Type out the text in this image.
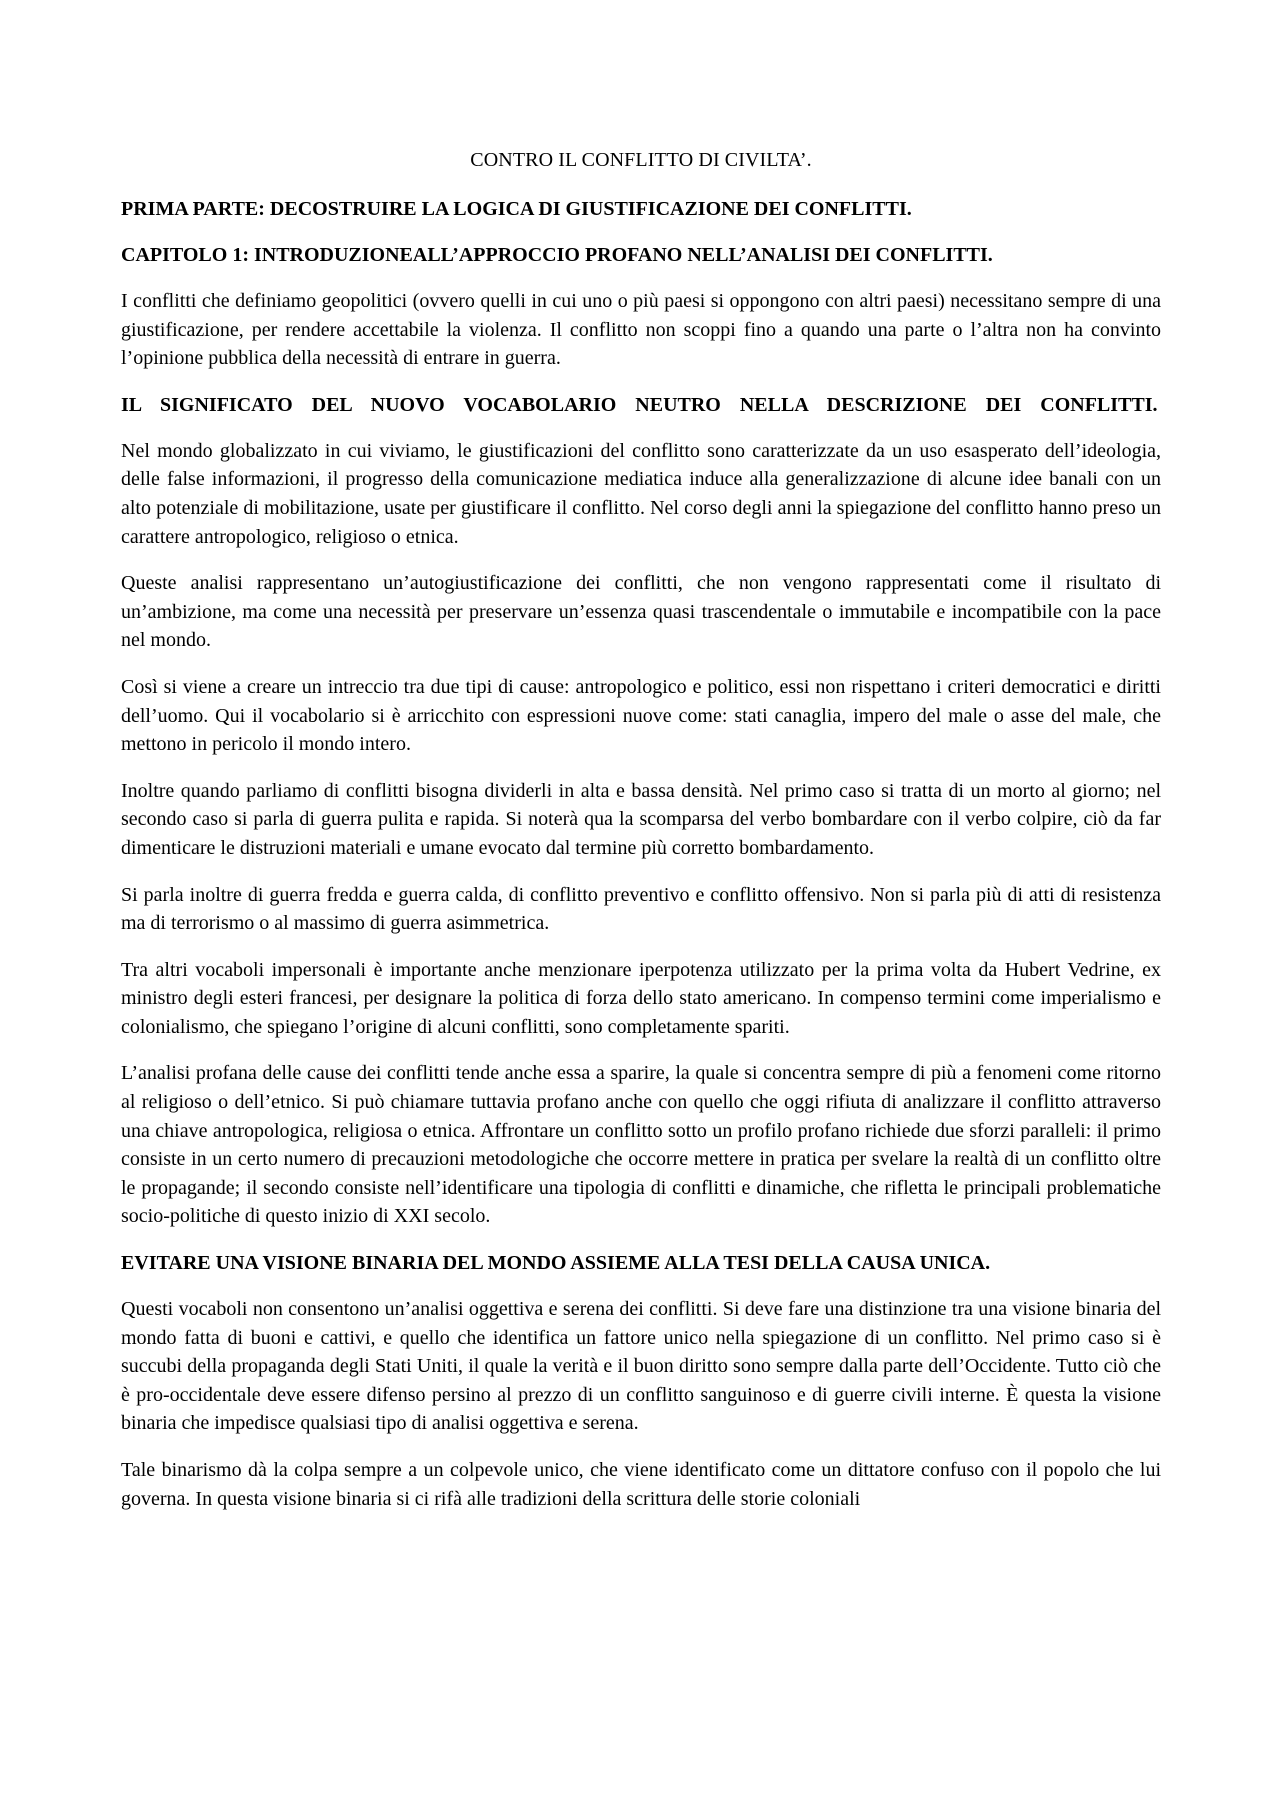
CONTRO IL CONFLITTO DI CIVILTA’.
PRIMA PARTE: DECOSTRUIRE LA LOGICA DI GIUSTIFICAZIONE DEI CONFLITTI.
CAPITOLO 1: INTRODUZIONEALL’APPROCCIO PROFANO NELL’ANALISI DEI CONFLITTI.

I conflitti che definiamo geopolitici (ovvero quelli in cui uno o più paesi si oppongono con altri paesi) necessitano sempre di una giustificazione, per rendere accettabile la violenza. Il conflitto non scoppi fino a quando una parte o l’altra non ha convinto l’opinione pubblica della necessità di entrare in guerra.

IL SIGNIFICATO DEL NUOVO VOCABOLARIO NEUTRO NELLA DESCRIZIONE DEI CONFLITTI.

Nel mondo globalizzato in cui viviamo, le giustificazioni del conflitto sono caratterizzate da un uso esasperato dell’ideologia, delle false informazioni, il progresso della comunicazione mediatica induce alla generalizzazione di alcune idee banali con un alto potenziale di mobilitazione, usate per giustificare il conflitto. Nel corso degli anni la spiegazione del conflitto hanno preso un carattere antropologico, religioso o etnica.

Queste analisi rappresentano un’autogiustificazione dei conflitti, che non vengono rappresentati come il risultato di un’ambizione, ma come una necessità per preservare un’essenza quasi trascendentale o immutabile e incompatibile con la pace nel mondo.

Così si viene a creare un intreccio tra due tipi di cause: antropologico e politico, essi non rispettano i criteri democratici e diritti dell’uomo. Qui il vocabolario si è arricchito con espressioni nuove come: stati canaglia, impero del male o asse del male, che mettono in pericolo il mondo intero.

Inoltre quando parliamo di conflitti bisogna dividerli in alta e bassa densità. Nel primo caso si tratta di un morto al giorno; nel secondo caso si parla di guerra pulita e rapida. Si noterà qua la scomparsa del verbo bombardare con il verbo colpire, ciò da far dimenticare le distruzioni materiali e umane evocato dal termine più corretto bombardamento.

Si parla inoltre di guerra fredda e guerra calda, di conflitto preventivo e conflitto offensivo. Non si parla più di atti di resistenza ma di terrorismo o al massimo di guerra asimmetrica.

Tra altri vocaboli impersonali è importante anche menzionare iperpotenza utilizzato per la prima volta da Hubert Vedrine, ex ministro degli esteri francesi, per designare la politica di forza dello stato americano. In compenso termini come imperialismo e colonialismo, che spiegano l’origine di alcuni conflitti, sono completamente spariti.

L’analisi profana delle cause dei conflitti tende anche essa a sparire, la quale si concentra sempre di più a fenomeni come ritorno al religioso o dell’etnico. Si può chiamare tuttavia profano anche con quello che oggi rifiuta di analizzare il conflitto attraverso una chiave antropologica, religiosa o etnica. Affrontare un conflitto sotto un profilo profano richiede due sforzi paralleli: il primo consiste in un certo numero di precauzioni metodologiche che occorre mettere in pratica per svelare la realtà di un conflitto oltre le propagande; il secondo consiste nell’identificare una tipologia di conflitti e dinamiche, che rifletta le principali problematiche socio-politiche di questo inizio di XXI secolo.

EVITARE UNA VISIONE BINARIA DEL MONDO ASSIEME ALLA TESI DELLA CAUSA UNICA.

Questi vocaboli non consentono un’analisi oggettiva e serena dei conflitti. Si deve fare una distinzione tra una visione binaria del mondo fatta di buoni e cattivi, e quello che identifica un fattore unico nella spiegazione di un conflitto. Nel primo caso si è succubi della propaganda degli Stati Uniti, il quale la verità e il buon diritto sono sempre dalla parte dell’Occidente. Tutto ciò che è pro-occidentale deve essere difenso persino al prezzo di un conflitto sanguinoso e di guerre civili interne. È questa la visione binaria che impedisce qualsiasi tipo di analisi oggettiva e serena.

Tale binarismo dà la colpa sempre a un colpevole unico, che viene identificato come un dittatore confuso con il popolo che lui governa. In questa visione binaria si ci rifà alle tradizioni della scrittura delle storie coloniali
